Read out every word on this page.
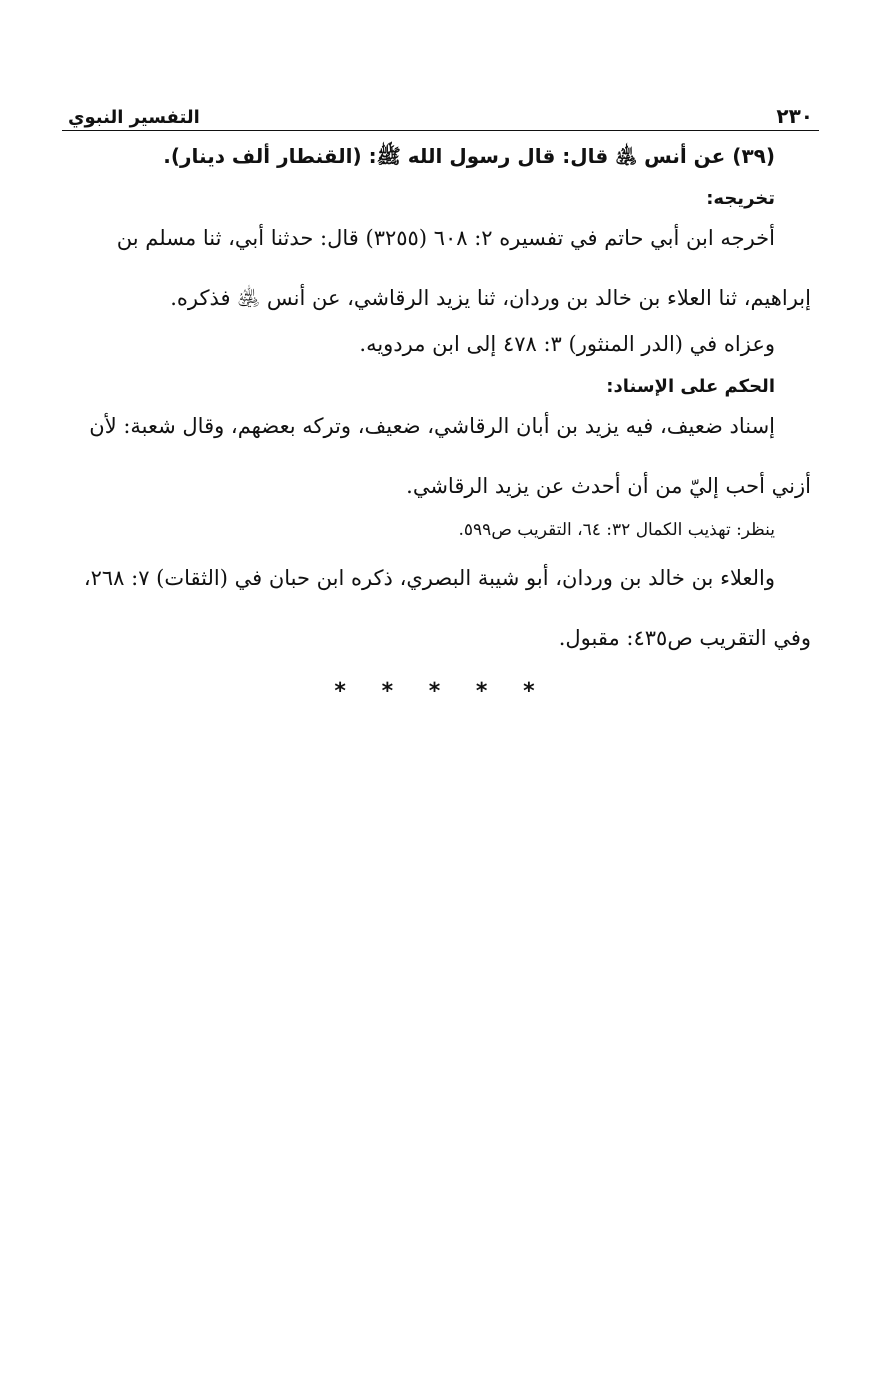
٢٣٠
التفسير النبوي
(٣٩) عن أنس ﵁ قال: قال رسول الله ﷺ: (القنطار ألف دينار).
تخريجه:
أخرجه ابن أبي حاتم في تفسيره ٢: ٦٠٨ (٣٢٥٥) قال: حدثنا أبي، ثنا مسلم بن
إبراهيم، ثنا العلاء بن خالد بن وردان، ثنا يزيد الرقاشي، عن أنس ﵁ فذكره.
وعزاه في (الدر المنثور) ٣: ٤٧٨ إلى ابن مردويه.
الحكم على الإسناد:
إسناد ضعيف، فيه يزيد بن أبان الرقاشي، ضعيف، وتركه بعضهم، وقال شعبة: لأن
أزني أحب إليّ من أن أحدث عن يزيد الرقاشي.
ينظر: تهذيب الكمال ٣٢: ٦٤، التقريب ص٥٩٩.
والعلاء بن خالد بن وردان، أبو شيبة البصري، ذكره ابن حبان في (الثقات) ٧: ٢٦٨،
وفي التقريب ص٤٣٥: مقبول.
* * * * *
